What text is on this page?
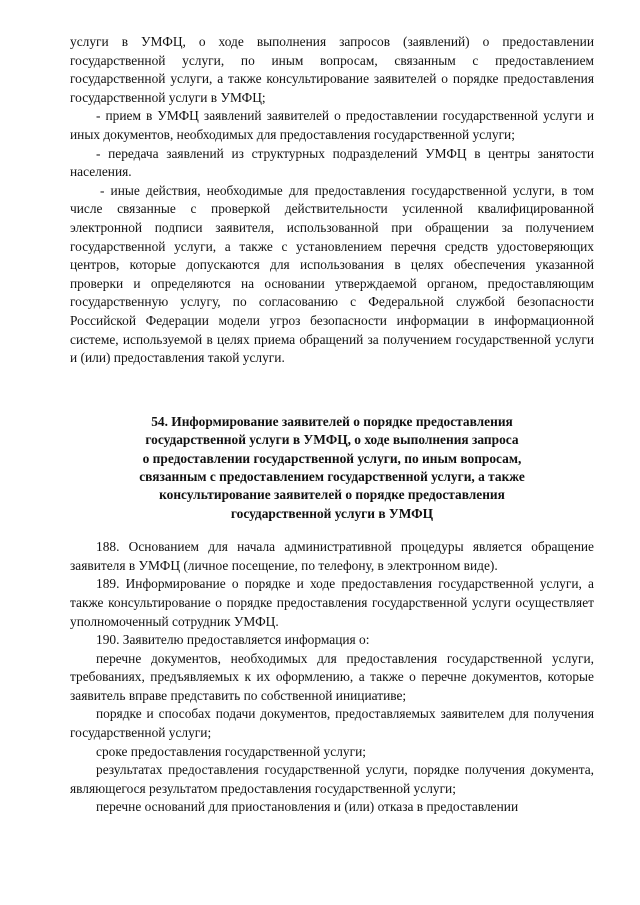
услуги в УМФЦ, о ходе выполнения запросов (заявлений) о предоставлении государственной услуги, по иным вопросам, связанным с предоставлением государственной услуги, а также консультирование заявителей о порядке предоставления государственной услуги в УМФЦ;

- прием в УМФЦ заявлений заявителей о предоставлении государственной услуги и иных документов, необходимых для предоставления государственной услуги;

- передача заявлений из структурных подразделений УМФЦ в центры занятости населения.

- иные действия, необходимые для предоставления государственной услуги, в том числе связанные с проверкой действительности усиленной квалифицированной электронной подписи заявителя, использованной при обращении за получением государственной услуги, а также с установлением перечня средств удостоверяющих центров, которые допускаются для использования в целях обеспечения указанной проверки и определяются на основании утверждаемой органом, предоставляющим государственную услугу, по согласованию с Федеральной службой безопасности Российской Федерации модели угроз безопасности информации в информационной системе, используемой в целях приема обращений за получением государственной услуги и (или) предоставления такой услуги.

54. Информирование заявителей о порядке предоставления
государственной услуги в УМФЦ, о ходе выполнения запроса
о предоставлении государственной услуги, по иным вопросам,
связанным с предоставлением государственной услуги, а также
консультирование заявителей о порядке предоставления
государственной услуги в УМФЦ

188. Основанием для начала административной процедуры является обращение заявителя в УМФЦ (личное посещение, по телефону, в электронном виде).

189. Информирование о порядке и ходе предоставления государственной услуги, а также консультирование о порядке предоставления государственной услуги осуществляет уполномоченный сотрудник УМФЦ.

190. Заявителю предоставляется информация о:

перечне документов, необходимых для предоставления государственной услуги, требованиях, предъявляемых к их оформлению, а также о перечне документов, которые заявитель вправе представить по собственной инициативе;

порядке и способах подачи документов, предоставляемых заявителем для получения государственной услуги;

сроке предоставления государственной услуги;

результатах предоставления государственной услуги, порядке получения документа, являющегося результатом предоставления государственной услуги;

перечне оснований для приостановления и (или) отказа в предоставлении
